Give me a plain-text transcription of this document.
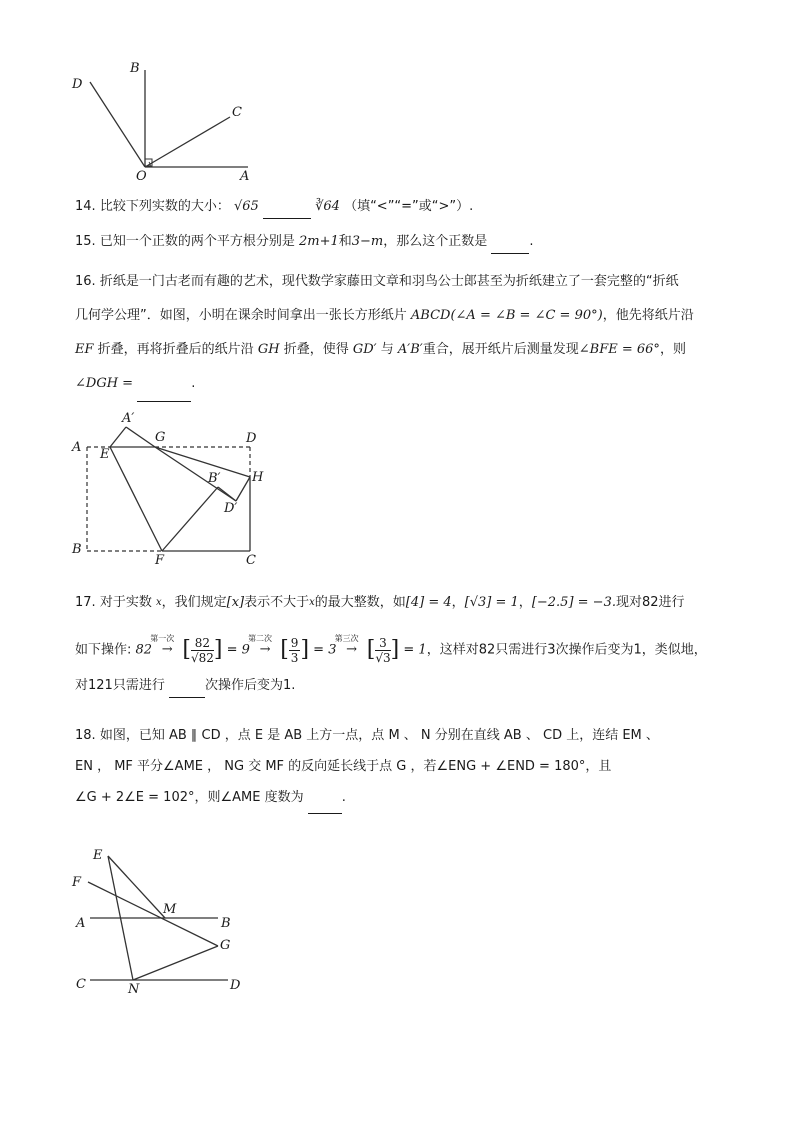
D
B
C
O	A
14. 比较下列实数的大小： √65	∛64 （填“<”“=”或“>”）.
15. 已知一个正数的两个平方根分别是 2m+1和3−m，那么这个正数是	.
16. 折纸是一门古老而有趣的艺术，现代数学家藤田文章和羽鸟公士郎甚至为折纸建立了一套完整的“折纸
几何学公理”．如图，小明在课余时间拿出一张长方形纸片 ABCD(∠A = ∠B = ∠C = 90°)，他先将纸片沿
EF 折叠，再将折叠后的纸片沿 GH 折叠，使得 GD′ 与 A′B′重合，展开纸片后测量发现∠BFE = 66°，则
∠DGH =	.
A
A′
E
G	D
H
B′
D′
B
F	C
17. 对于实数 $^x$，我们规定[x]表示不大于$^x$的最大整数，如[4] = 4，[√3] = 1，[−2.5] = −3.现对82进行
如下操作: 82
第一次
→ [ $\frac{82}{√82}$ ] = 9
第二次
→ [ $\frac{9}{3}$ ] = 3
第三次
→ [ $\frac{3}{√3}$ ] = 1，这样对82只需进行3次操作后变为1，类似地，
对121只需进行	次操作后变为1.
18. 如图，已知 AB ∥ CD ，点 E 是 AB 上方一点，点 M 、 N 分别在直线 AB 、 CD 上，连结 EM 、
EN ， MF 平分∠AME ， NG 交 MF 的反向延长线于点 G ，若∠ENG + ∠END = 180°，且
∠G + 2∠E = 102°，则∠AME 度数为	.
E
F
M
A	B
G
C	N	D
